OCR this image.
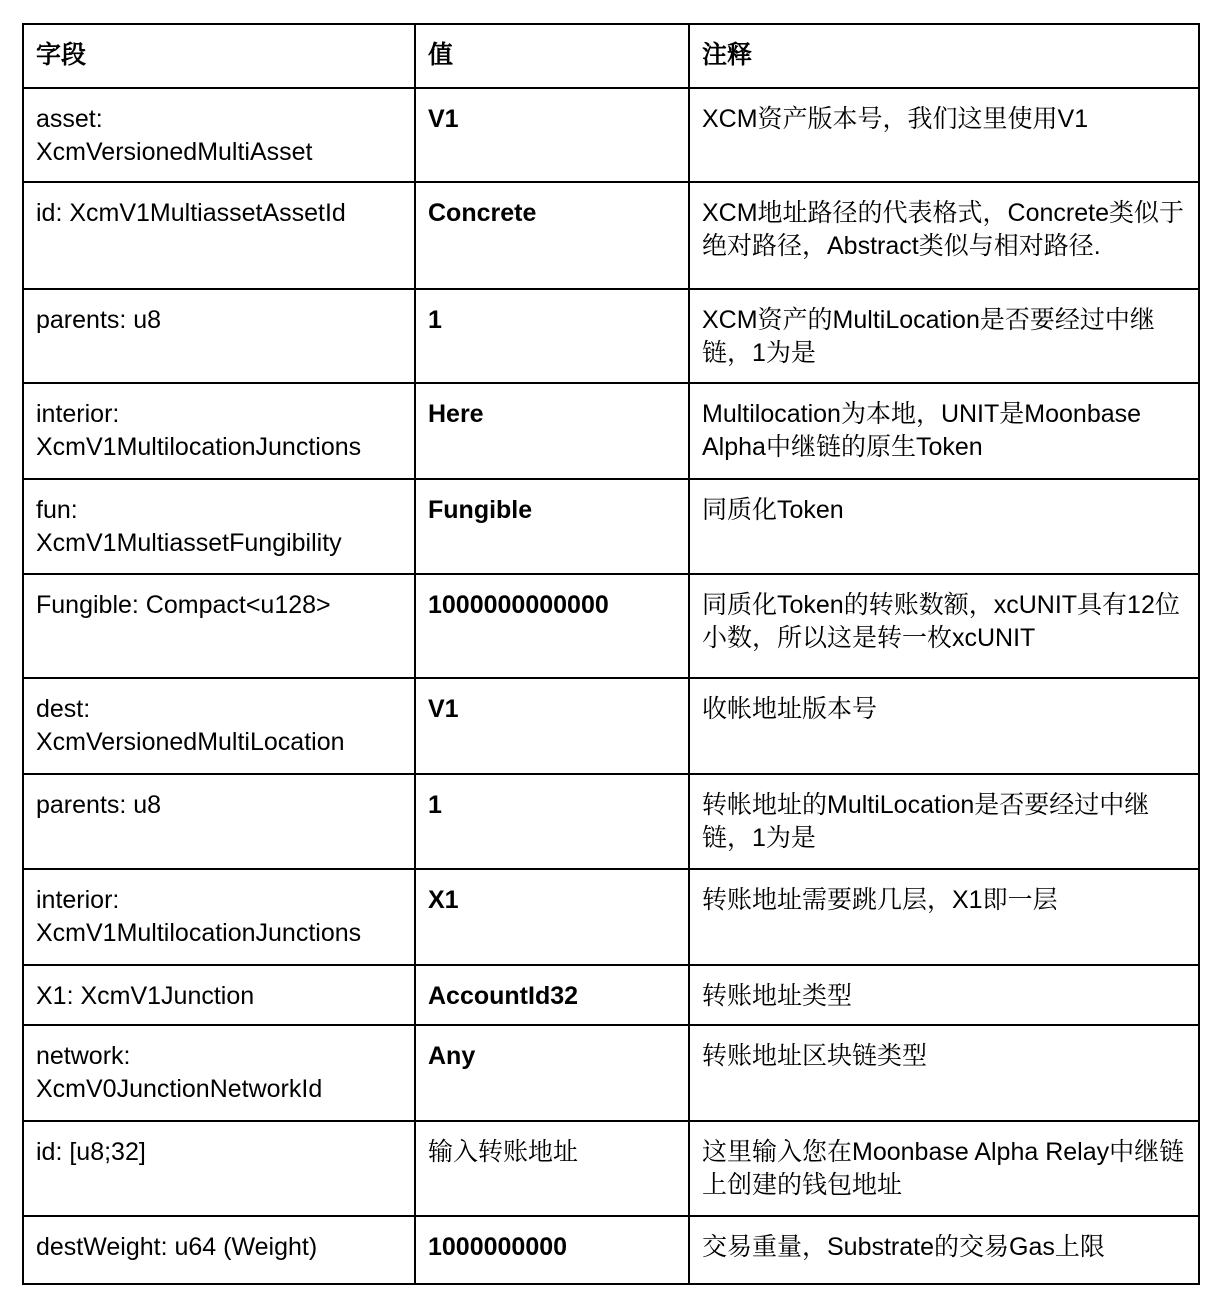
字段	值	注释
asset:
XcmVersionedMultiAsset	V1	XCM资产版本号，我们这里使用V1
id: XcmV1MultiassetAssetId	Concrete	XCM地址路径的代表格式，Concrete类似于绝对路径，Abstract类似与相对路径.
parents: u8	1	XCM资产的MultiLocation是否要经过中继链，1为是
interior:
XcmV1MultilocationJunctions	Here	Multilocation为本地，UNIT是Moonbase Alpha中继链的原生Token
fun:
XcmV1MultiassetFungibility	Fungible	同质化Token
Fungible: Compact<u128>	1000000000000	同质化Token的转账数额，xcUNIT具有12位小数，所以这是转一枚xcUNIT
dest:
XcmVersionedMultiLocation	V1	收帐地址版本号
parents: u8	1	转帐地址的MultiLocation是否要经过中继链，1为是
interior:
XcmV1MultilocationJunctions	X1	转账地址需要跳几层，X1即一层
X1: XcmV1Junction	AccountId32	转账地址类型
network:
XcmV0JunctionNetworkId	Any	转账地址区块链类型
id: [u8;32]	输入转账地址	这里输入您在Moonbase Alpha Relay中继链上创建的钱包地址
destWeight: u64 (Weight)	1000000000	交易重量，Substrate的交易Gas上限
